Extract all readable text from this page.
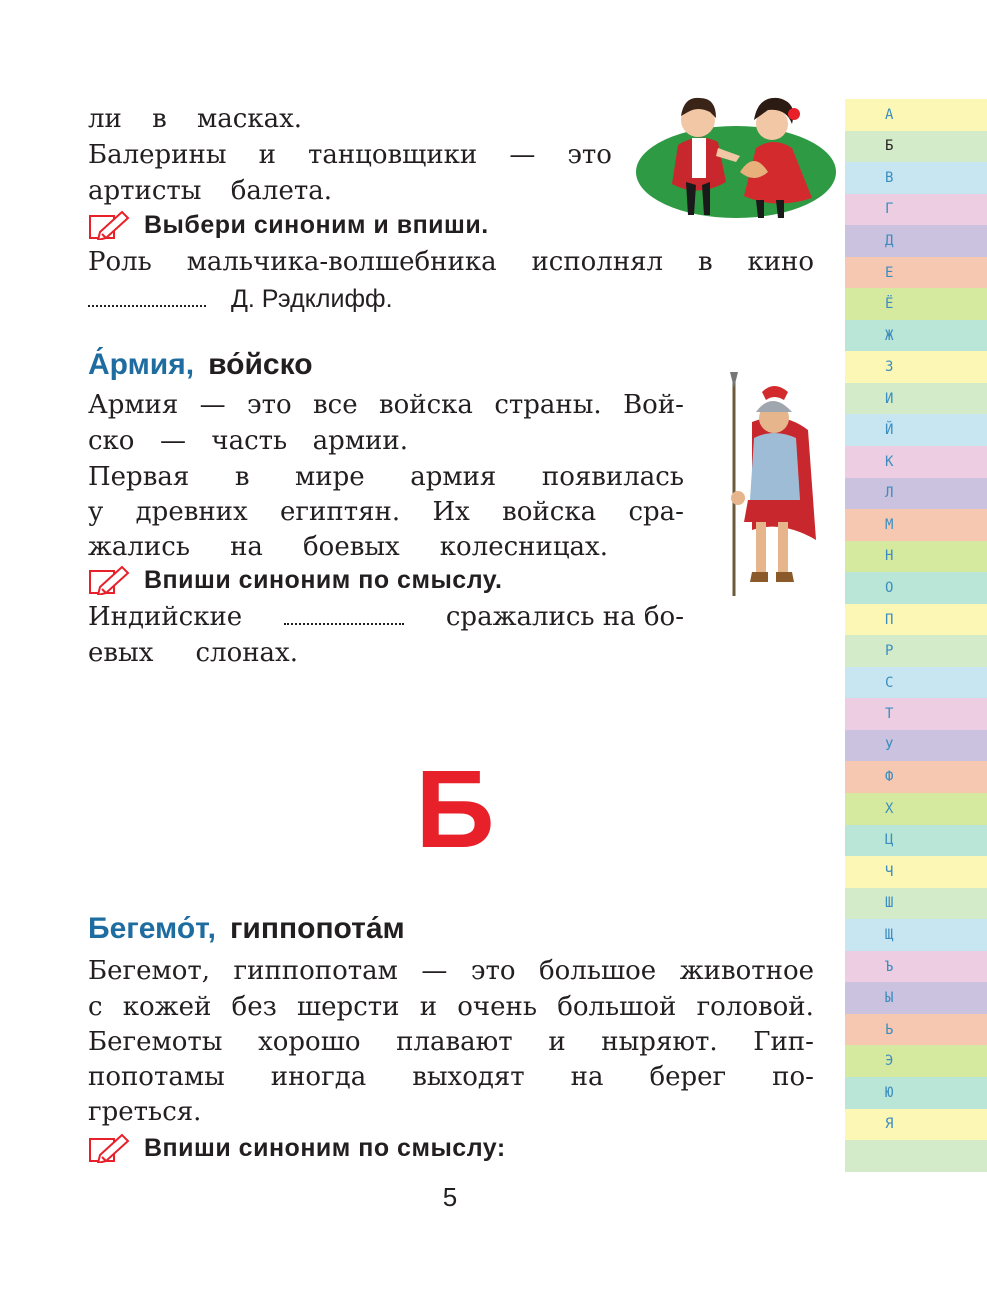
ли в масках.
Балерины и танцовщики — это
артисты балета.
Выбери синоним и впиши.
Роль мальчика-волшебника исполнял в кино
Д. Рэдклифф.
А́рмия, во́йско
Армия — это все войска страны. Вой-
ско — часть армии.
Первая в мире армия появилась
у древних египтян. Их войска сра-
жались на боевых колесницах.
Впиши синоним по смыслу.
Индийские	сражались на бо-
евых слонах.
Б
Бегемо́т, гиппопота́м
Бегемот, гиппопотам — это большое животное
с кожей без шерсти и очень большой головой.
Бегемоты хорошо плавают и ныряют. Гип-
попотамы иногда выходят на берег по-
греться.
Впиши синоним по смыслу:
5
А
Б
В
Г
Д
Е
Ё
Ж
З
И
Й
К
Л
М
Н
О
П
Р
С
Т
У
Ф
Х
Ц
Ч
Ш
Щ
Ъ
Ы
Ь
Э
Ю
Я
